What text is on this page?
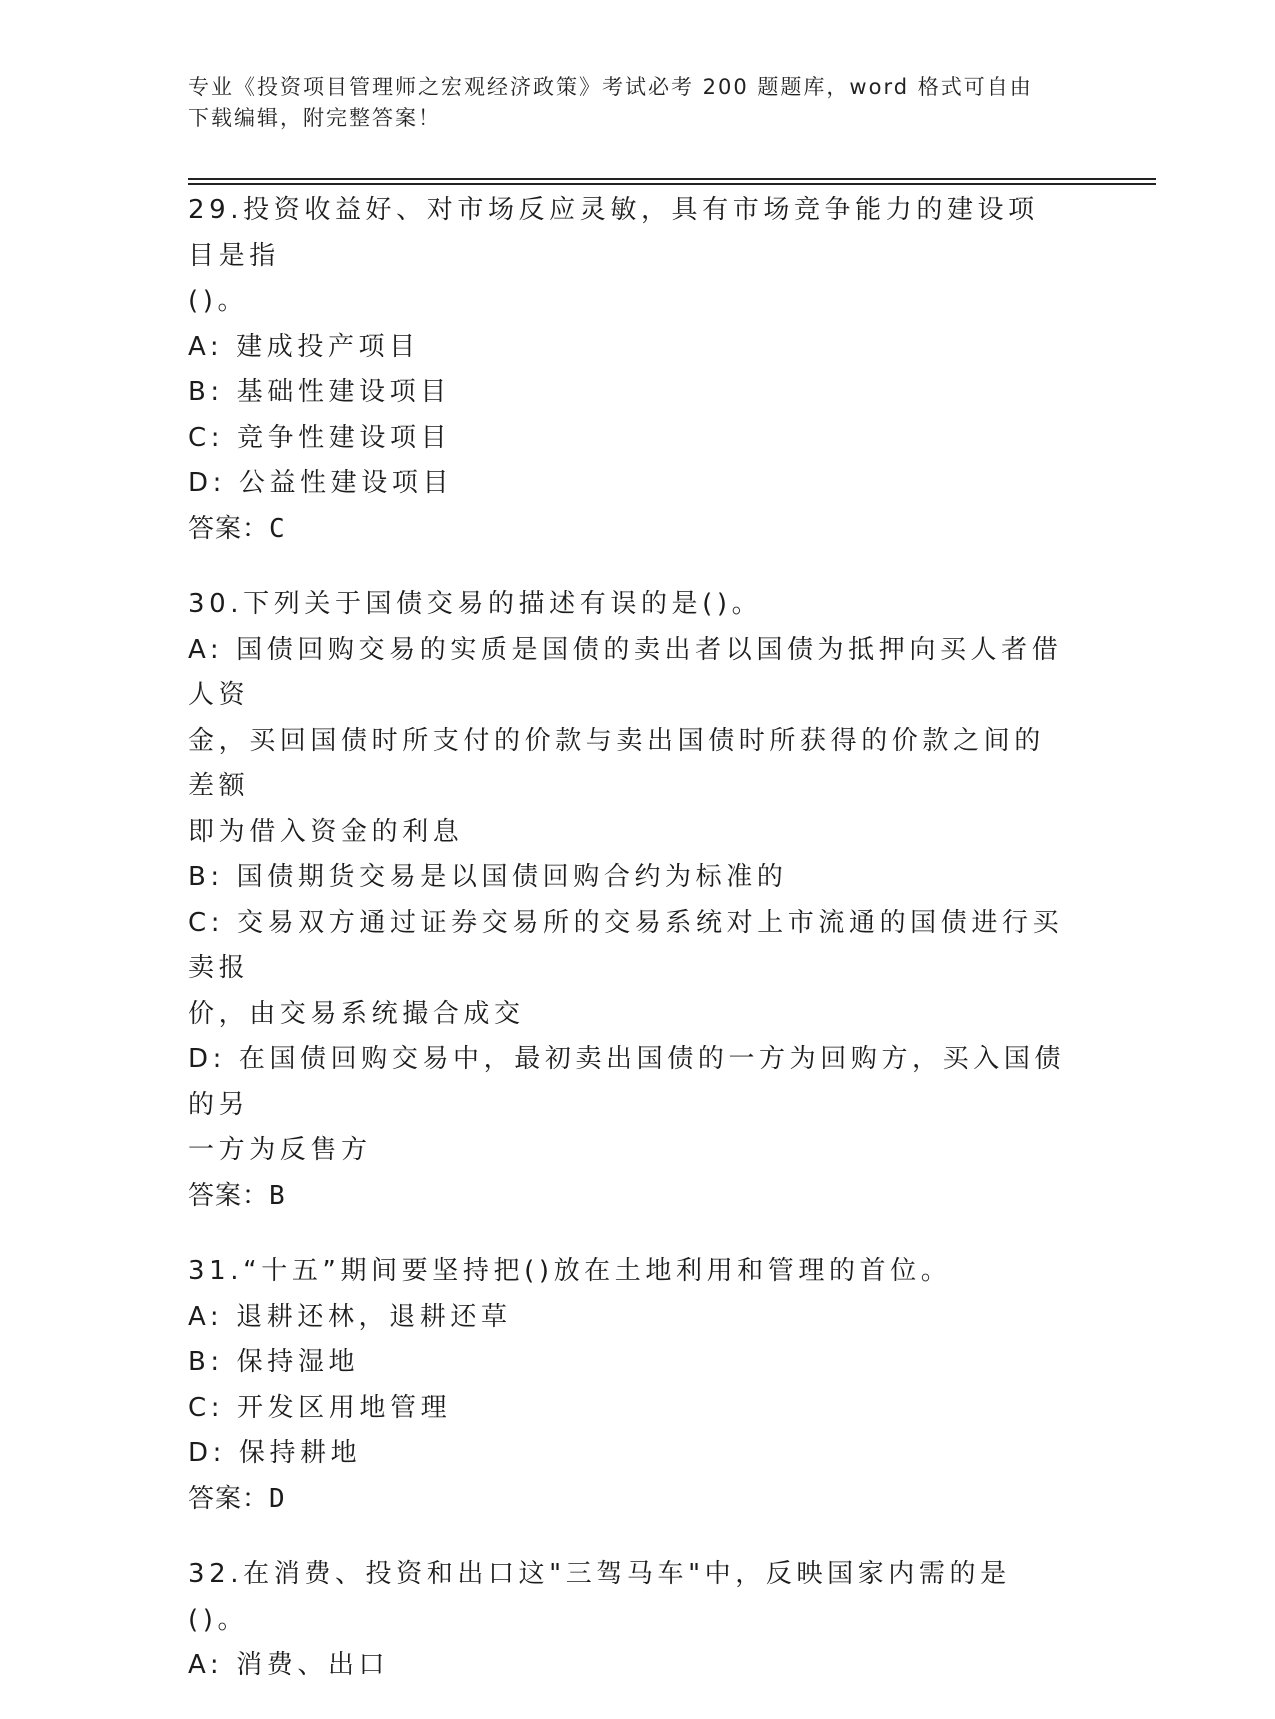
专业《投资项目管理师之宏观经济政策》考试必考 200 题题库，word 格式可自由
下载编辑，附完整答案！
29.投资收益好、对市场反应灵敏，具有市场竞争能力的建设项目是指
()。
A: 建成投产项目
B: 基础性建设项目
C: 竞争性建设项目
D: 公益性建设项目
答案：C
30.下列关于国债交易的描述有误的是()。
A: 国债回购交易的实质是国债的卖出者以国债为抵押向买人者借人资
金，买回国债时所支付的价款与卖出国债时所获得的价款之间的差额
即为借入资金的利息
B: 国债期货交易是以国债回购合约为标准的
C: 交易双方通过证券交易所的交易系统对上市流通的国债进行买卖报
价，由交易系统撮合成交
D: 在国债回购交易中，最初卖出国债的一方为回购方，买入国债的另
一方为反售方
答案：B
31.“十五”期间要坚持把()放在土地利用和管理的首位。
A: 退耕还林，退耕还草
B: 保持湿地
C: 开发区用地管理
D: 保持耕地
答案：D
32.在消费、投资和出口这"三驾马车"中，反映国家内需的是()。
A: 消费、出口
